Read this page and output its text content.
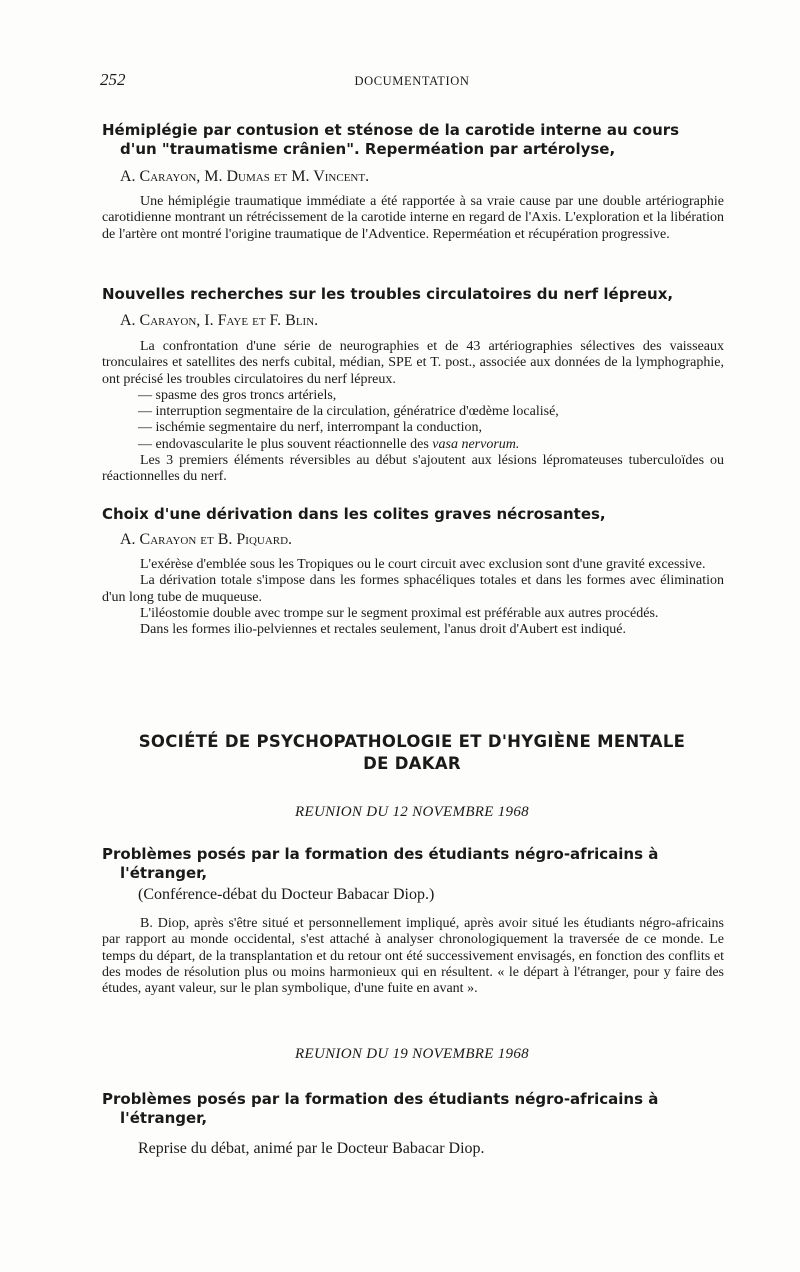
252	DOCUMENTATION
Hémiplégie par contusion et sténose de la carotide interne au cours
d'un "traumatisme crânien". Reperméation par artérolyse,
A. Carayon, M. Dumas et M. Vincent.

Une hémiplégie traumatique immédiate a été rapportée à sa vraie cause par une double artériographie carotidienne montrant un rétrécissement de la carotide interne en regard de l'Axis. L'exploration et la libération de l'artère ont montré l'origine traumatique de l'Adventice. Reperméation et récupération progressive.

Nouvelles recherches sur les troubles circulatoires du nerf lépreux,
A. Carayon, I. Faye et F. Blin.

La confrontation d'une série de neurographies et de 43 artériographies sélectives des vaisseaux tronculaires et satellites des nerfs cubital, médian, SPE et T. post., associée aux données de la lymphographie, ont précisé les troubles circulatoires du nerf lépreux.

— spasme des gros troncs artériels,

— interruption segmentaire de la circulation, génératrice d'œdème localisé,

— ischémie segmentaire du nerf, interrompant la conduction,

— endovascularite le plus souvent réactionnelle des vasa nervorum.

Les 3 premiers éléments réversibles au début s'ajoutent aux lésions lépromateuses tuberculoïdes ou réactionnelles du nerf.

Choix d'une dérivation dans les colites graves nécrosantes,
A. Carayon et B. Piquard.

L'exérèse d'emblée sous les Tropiques ou le court circuit avec exclusion sont d'une gravité excessive.

La dérivation totale s'impose dans les formes sphacéliques totales et dans les formes avec élimination d'un long tube de muqueuse.

L'iléostomie double avec trompe sur le segment proximal est préférable aux autres procédés.

Dans les formes ilio-pelviennes et rectales seulement, l'anus droit d'Aubert est indiqué.

SOCIÉTÉ DE PSYCHOPATHOLOGIE ET D'HYGIÈNE MENTALE
DE DAKAR
REUNION DU 12 NOVEMBRE 1968
Problèmes posés par la formation des étudiants négro-africains à
l'étranger,
(Conférence-débat du Docteur Babacar Diop.)

B. Diop, après s'être situé et personnellement impliqué, après avoir situé les étudiants négro-africains par rapport au monde occidental, s'est attaché à analyser chronologiquement la traversée de ce monde. Le temps du départ, de la transplantation et du retour ont été successivement envisagés, en fonction des conflits et des modes de résolution plus ou moins harmonieux qui en résultent. « le départ à l'étranger, pour y faire des études, ayant valeur, sur le plan symbolique, d'une fuite en avant ».

REUNION DU 19 NOVEMBRE 1968
Problèmes posés par la formation des étudiants négro-africains à
l'étranger,
Reprise du débat, animé par le Docteur Babacar Diop.
